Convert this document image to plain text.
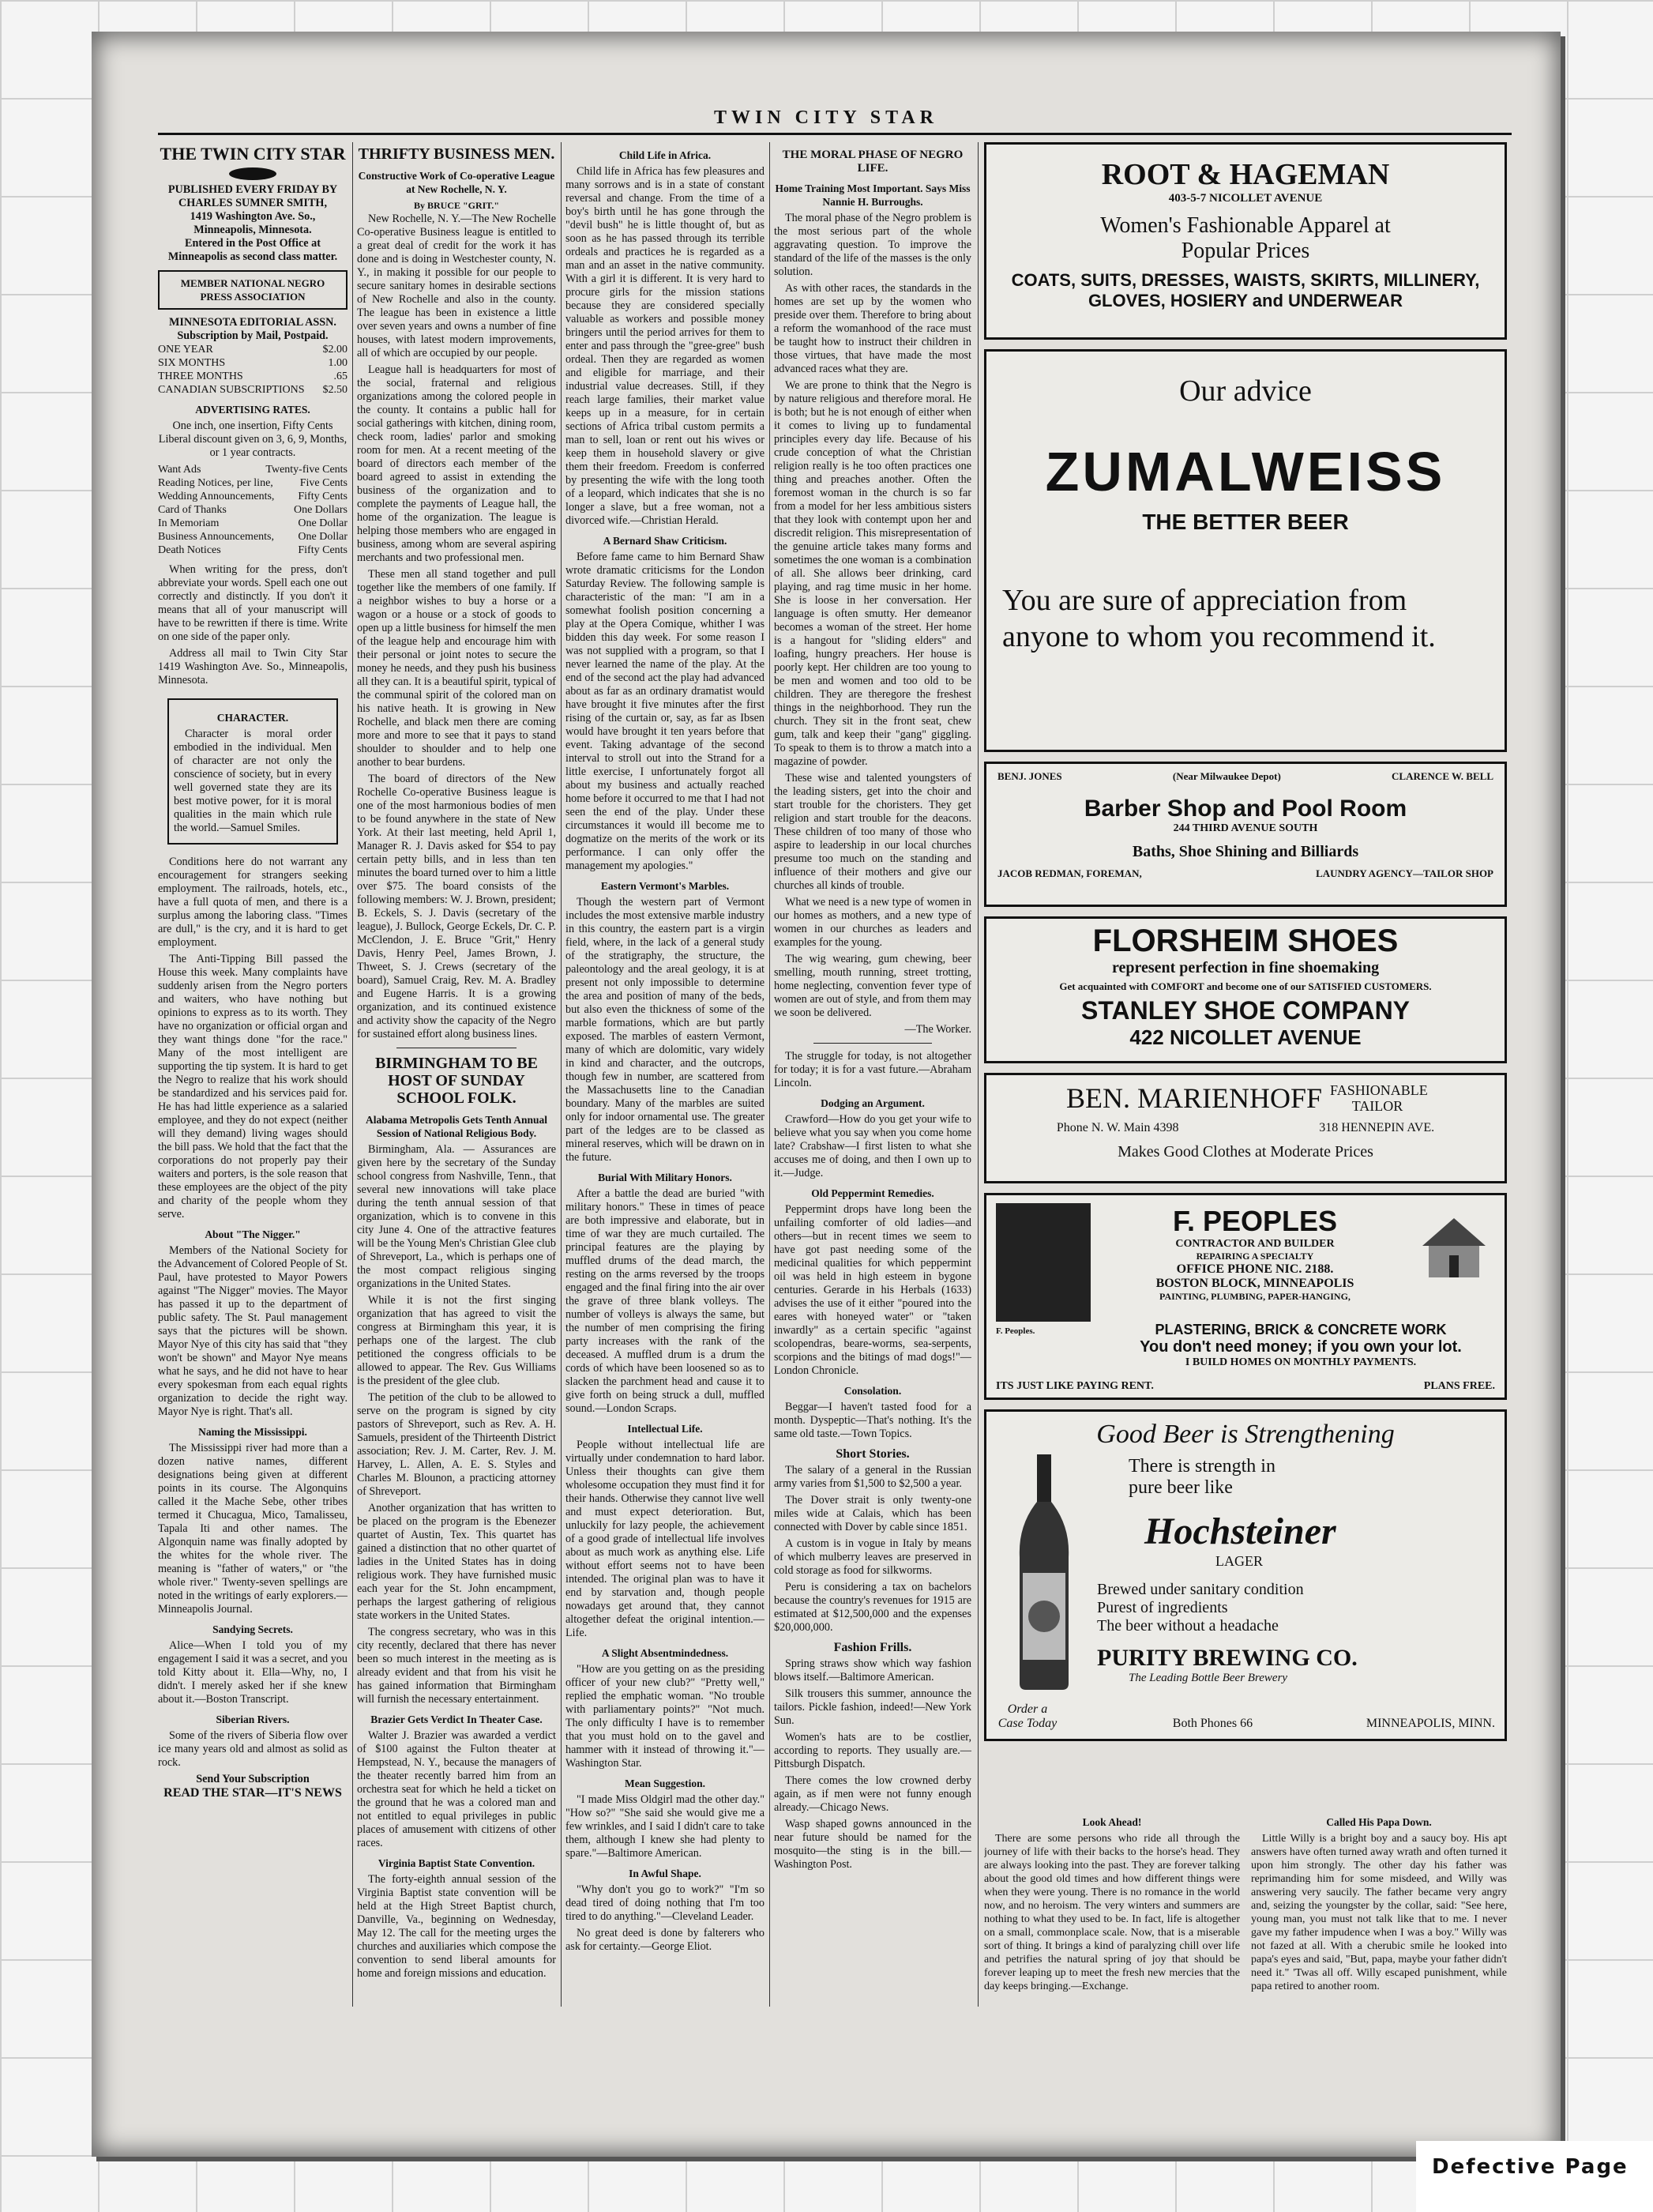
TWIN CITY STAR
THE TWIN CITY STAR
PUBLISHED EVERY FRIDAY BY
CHARLES SUMNER SMITH,
1419 Washington Ave. So., Minneapolis, Minnesota.
Entered in the Post Office at Minneapolis as second class matter.
MEMBER NATIONAL NEGRO PRESS ASSOCIATION
MINNESOTA EDITORIAL ASSN.
Subscription by Mail, Postpaid.
ONE YEAR	$2.00
SIX MONTHS	1.00
THREE MONTHS	.65
CANADIAN SUBSCRIPTIONS $2.50
ADVERTISING RATES.

One inch, one insertion, Fifty Cents Liberal discount given on 3, 6, 9, Months, or 1 year contracts.

Want Ads	Twenty-five Cents
Reading Notices, per line, Five Cents
Wedding Announcements, Fifty Cents
Card of Thanks	One Dollars
In Memoriam	One Dollar
Business Announcements, One Dollar
Death Notices	Fifty Cents

When writing for the press, don't abbreviate your words. Spell each one out correctly and distinctly. If you don't it means that all of your manuscript will have to be rewritten if there is time. Write on one side of the paper only.

Address all mail to Twin City Star 1419 Washington Ave. So., Minneapolis, Minnesota.

CHARACTER.

Character is moral order embodied in the individual. Men of character are not only the conscience of society, but in every well governed state they are its best motive power, for it is moral qualities in the main which rule the world.—Samuel Smiles.

Conditions here do not warrant any encouragement for strangers seeking employment. The railroads, hotels, etc., have a full quota of men, and there is a surplus among the laboring class. "Times are dull," is the cry, and it is hard to get employment.

The Anti-Tipping Bill passed the House this week. Many complaints have suddenly arisen from the Negro porters and waiters, who have nothing but opinions to express as to its worth. They have no organization or official organ and they want things done "for the race." Many of the most intelligent are supporting the tip system. It is hard to get the Negro to realize that his work should be standardized and his services paid for. He has had little experience as a salaried employee, and they do not expect (neither will they demand) living wages should the bill pass. We hold that the fact that the corporations do not properly pay their waiters and porters, is the sole reason that these employees are the object of the pity and charity of the people whom they serve.

About "The Nigger."

Members of the National Society for the Advancement of Colored People of St. Paul, have protested to Mayor Powers against "The Nigger" movies. The Mayor has passed it up to the department of public safety. The St. Paul management says that the pictures will be shown. Mayor Nye of this city has said that "they won't be shown" and Mayor Nye means what he says, and he did not have to hear every spokesman from each equal rights organization to decide the right way. Mayor Nye is right. That's all.

Naming the Mississippi.

The Mississippi river had more than a dozen native names, different designations being given at different points in its course. The Algonquins called it the Mache Sebe, other tribes termed it Chucagua, Mico, Tamalisseu, Tapala Iti and other names. The Algonquin name was finally adopted by the whites for the whole river. The meaning is "father of waters," or "the whole river." Twenty-seven spellings are noted in the writings of early explorers.—Minneapolis Journal.

Sandying Secrets.

Alice—When I told you of my engagement I said it was a secret, and you told Kitty about it. Ella—Why, no, I didn't. I merely asked her if she knew about it.—Boston Transcript.

Siberian Rivers.

Some of the rivers of Siberia flow over ice many years old and almost as solid as rock.

Send Your Subscription
READ THE STAR—IT'S NEWS
THRIFTY BUSINESS MEN.
Constructive Work of Co-operative League at New Rochelle, N. Y.
By BRUCE "GRIT."

New Rochelle, N. Y.—The New Rochelle Co-operative Business league is entitled to a great deal of credit for the work it has done and is doing in Westchester county, N. Y., in making it possible for our people to secure sanitary homes in desirable sections of New Rochelle and also in the county. The league has been in existence a little over seven years and owns a number of fine houses, with latest modern improvements, all of which are occupied by our people.

League hall is headquarters for most of the social, fraternal and religious organizations among the colored people in the county. It contains a public hall for social gatherings with kitchen, dining room, check room, ladies' parlor and smoking room for men. At a recent meeting of the board of directors each member of the board agreed to assist in extending the business of the organization and to complete the payments of League hall, the home of the organization. The league is helping those members who are engaged in business, among whom are several aspiring merchants and two professional men.

These men all stand together and pull together like the members of one family. If a neighbor wishes to buy a horse or a wagon or a house or a stock of goods to open up a little business for himself the men of the league help and encourage him with their personal or joint notes to secure the money he needs, and they push his business all they can. It is a beautiful spirit, typical of the communal spirit of the colored man on his native heath. It is growing in New Rochelle, and black men there are coming more and more to see that it pays to stand shoulder to shoulder and to help one another to bear burdens.

The board of directors of the New Rochelle Co-operative Business league is one of the most harmonious bodies of men to be found anywhere in the state of New York. At their last meeting, held April 1, Manager R. J. Davis asked for $54 to pay certain petty bills, and in less than ten minutes the board turned over to him a little over $75. The board consists of the following members: W. J. Brown, president; B. Eckels, S. J. Davis (secretary of the league), J. Bullock, George Eckels, Dr. C. P. McClendon, J. E. Bruce "Grit," Henry Davis, Henry Peel, James Brown, J. Thweet, S. J. Crews (secretary of the board), Samuel Craig, Rev. M. A. Bradley and Eugene Harris. It is a growing organization, and its continued existence and activity show the capacity of the Negro for sustained effort along business lines.

BIRMINGHAM TO BE HOST OF SUNDAY SCHOOL FOLK.
Alabama Metropolis Gets Tenth Annual Session of National Religious Body.

Birmingham, Ala. — Assurances are given here by the secretary of the Sunday school congress from Nashville, Tenn., that several new innovations will take place during the tenth annual session of that organization, which is to convene in this city June 4. One of the attractive features will be the Young Men's Christian Glee club of Shreveport, La., which is perhaps one of the most compact religious singing organizations in the United States.

While it is not the first singing organization that has agreed to visit the congress at Birmingham this year, it is perhaps one of the largest. The club petitioned the congress officials to be allowed to appear. The Rev. Gus Williams is the president of the glee club.

The petition of the club to be allowed to serve on the program is signed by city pastors of Shreveport, such as Rev. A. H. Samuels, president of the Thirteenth District association; Rev. J. M. Carter, Rev. J. M. Harvey, L. Allen, A. E. S. Styles and Charles M. Blounon, a practicing attorney of Shreveport.

Another organization that has written to be placed on the program is the Ebenezer quartet of Austin, Tex. This quartet has gained a distinction that no other quartet of ladies in the United States has in doing religious work. They have furnished music each year for the St. John encampment, perhaps the largest gathering of religious state workers in the United States.

The congress secretary, who was in this city recently, declared that there has never been so much interest in the meeting as is already evident and that from his visit he has gained information that Birmingham will furnish the necessary entertainment.

Brazier Gets Verdict In Theater Case.

Walter J. Brazier was awarded a verdict of $100 against the Fulton theater at Hempstead, N. Y., because the managers of the theater recently barred him from an orchestra seat for which he held a ticket on the ground that he was a colored man and not entitled to equal privileges in public places of amusement with citizens of other races.

Virginia Baptist State Convention.

The forty-eighth annual session of the Virginia Baptist state convention will be held at the High Street Baptist church, Danville, Va., beginning on Wednesday, May 12. The call for the meeting urges the churches and auxiliaries which compose the convention to send liberal amounts for home and foreign missions and education.

Child Life in Africa.

Child life in Africa has few pleasures and many sorrows and is in a state of constant reversal and change. From the time of a boy's birth until he has gone through the "devil bush" he is little thought of, but as soon as he has passed through its terrible ordeals and practices he is regarded as a man and an asset in the native community. With a girl it is different. It is very hard to procure girls for the mission stations because they are considered specially valuable as workers and possible money bringers until the period arrives for them to enter and pass through the "gree-gree" bush ordeal. Then they are regarded as women and eligible for marriage, and their industrial value decreases. Still, if they reach large families, their market value keeps up in a measure, for in certain sections of Africa tribal custom permits a man to sell, loan or rent out his wives or keep them in household slavery or give them their freedom. Freedom is conferred by presenting the wife with the long tooth of a leopard, which indicates that she is no longer a slave, but a free woman, not a divorced wife.—Christian Herald.

A Bernard Shaw Criticism.

Before fame came to him Bernard Shaw wrote dramatic criticisms for the London Saturday Review. The following sample is characteristic of the man: "I am in a somewhat foolish position concerning a play at the Opera Comique, whither I was bidden this day week. For some reason I was not supplied with a program, so that I never learned the name of the play. At the end of the second act the play had advanced about as far as an ordinary dramatist would have brought it five minutes after the first rising of the curtain or, say, as far as Ibsen would have brought it ten years before that event. Taking advantage of the second interval to stroll out into the Strand for a little exercise, I unfortunately forgot all about my business and actually reached home before it occurred to me that I had not seen the end of the play. Under these circumstances it would ill become me to dogmatize on the merits of the work or its performance. I can only offer the management my apologies."

Eastern Vermont's Marbles.

Though the western part of Vermont includes the most extensive marble industry in this country, the eastern part is a virgin field, where, in the lack of a general study of the stratigraphy, the structure, the paleontology and the areal geology, it is at present not only impossible to determine the area and position of many of the beds, but also even the thickness of some of the marble formations, which are but partly exposed. The marbles of eastern Vermont, many of which are dolomitic, vary widely in kind and character, and the outcrops, though few in number, are scattered from the Massachusetts line to the Canadian boundary. Many of the marbles are suited only for indoor ornamental use. The greater part of the ledges are to be classed as mineral reserves, which will be drawn on in the future.

Burial With Military Honors.

After a battle the dead are buried "with military honors." These in times of peace are both impressive and elaborate, but in time of war they are much curtailed. The principal features are the playing by muffled drums of the dead march, the resting on the arms reversed by the troops engaged and the final firing into the air over the grave of three blank volleys. The number of volleys is always the same, but the number of men comprising the firing party increases with the rank of the deceased. A muffled drum is a drum the cords of which have been loosened so as to slacken the parchment head and cause it to give forth on being struck a dull, muffled sound.—London Scraps.

Intellectual Life.

People without intellectual life are virtually under condemnation to hard labor. Unless their thoughts can give them wholesome occupation they must find it for their hands. Otherwise they cannot live well and must expect deterioration. But, unluckily for lazy people, the achievement of a good grade of intellectual life involves about as much work as anything else. Life without effort seems not to have been intended. The original plan was to have it end by starvation and, though people nowadays get around that, they cannot altogether defeat the original intention.—Life.

A Slight Absentmindedness.

"How are you getting on as the presiding officer of your new club?" "Pretty well," replied the emphatic woman. "No trouble with parliamentary points?" "Not much. The only difficulty I have is to remember that you must hold on to the gavel and hammer with it instead of throwing it."—Washington Star.

Mean Suggestion.

"I made Miss Oldgirl mad the other day." "How so?" "She said she would give me a few wrinkles, and I said I didn't care to take them, although I knew she had plenty to spare."—Baltimore American.

In Awful Shape.

"Why don't you go to work?" "I'm so dead tired of doing nothing that I'm too tired to do anything."—Cleveland Leader.

No great deed is done by falterers who ask for certainty.—George Eliot.

THE MORAL PHASE OF NEGRO LIFE.
Home Training Most Important. Says Miss Nannie H. Burroughs.

The moral phase of the Negro problem is the most serious part of the whole aggravating question. To improve the standard of the life of the masses is the only solution.

As with other races, the standards in the homes are set up by the women who preside over them. Therefore to bring about a reform the womanhood of the race must be taught how to instruct their children in those virtues, that have made the most advanced races what they are.

We are prone to think that the Negro is by nature religious and therefore moral. He is both; but he is not enough of either when it comes to living up to fundamental principles every day life. Because of his crude conception of what the Christian religion really is he too often practices one thing and preaches another. Often the foremost woman in the church is so far from a model for her less ambitious sisters that they look with contempt upon her and discredit religion. This misrepresentation of the genuine article takes many forms and sometimes the one woman is a combination of all. She allows beer drinking, card playing, and rag time music in her home. She is loose in her conversation. Her language is often smutty. Her demeanor becomes a woman of the street. Her home is a hangout for "sliding elders" and loafing, hungry preachers. Her house is poorly kept. Her children are too young to be men and women and too old to be children. They are theregore the freshest things in the neighborhood. They run the church. They sit in the front seat, chew gum, talk and keep their "gang" giggling. To speak to them is to throw a match into a magazine of powder.

These wise and talented youngsters of the leading sisters, get into the choir and start trouble for the choristers. They get religion and start trouble for the deacons. These children of too many of those who aspire to leadership in our local churches presume too much on the standing and influence of their mothers and give our churches all kinds of trouble.

What we need is a new type of women in our homes as mothers, and a new type of women in our churches as leaders and examples for the young.

The wig wearing, gum chewing, beer smelling, mouth running, street trotting, home neglecting, convention fever type of women are out of style, and from them may we soon be delivered.

—The Worker.

The struggle for today, is not altogether for today; it is for a vast future.—Abraham Lincoln.

Dodging an Argument.

Crawford—How do you get your wife to believe what you say when you come home late? Crabshaw—I first listen to what she accuses me of doing, and then I own up to it.—Judge.

Old Peppermint Remedies.

Peppermint drops have long been the unfailing comforter of old ladies—and others—but in recent times we seem to have got past needing some of the medicinal qualities for which peppermint oil was held in high esteem in bygone centuries. Gerarde in his Herbals (1633) advises the use of it either "poured into the eares with honeyed water" or "taken inwardly" as a certain specific "against scolopendras, beare-worms, sea-serpents, scorpions and the bitings of mad dogs!"—London Chronicle.

Consolation.

Beggar—I haven't tasted food for a month. Dyspeptic—That's nothing. It's the same old taste.—Town Topics.

Short Stories.

The salary of a general in the Russian army varies from $1,500 to $2,500 a year.

The Dover strait is only twenty-one miles wide at Calais, which has been connected with Dover by cable since 1851.

A custom is in vogue in Italy by means of which mulberry leaves are preserved in cold storage as food for silkworms.

Peru is considering a tax on bachelors because the country's revenues for 1915 are estimated at $12,500,000 and the expenses $20,000,000.

Fashion Frills.

Spring straws show which way fashion blows itself.—Baltimore American.

Silk trousers this summer, announce the tailors. Pickle fashion, indeed!—New York Sun.

Women's hats are to be costlier, according to reports. They usually are.—Pittsburgh Dispatch.

There comes the low crowned derby again, as if men were not funny enough already.—Chicago News.

Wasp shaped gowns announced in the near future should be named for the mosquito—the sting is in the bill.—Washington Post.

ROOT & HAGEMAN
403-5-7 NICOLLET AVENUE
Women's Fashionable Apparel at
Popular Prices
COATS, SUITS, DRESSES, WAISTS, SKIRTS, MILLINERY, GLOVES, HOSIERY and UNDERWEAR
Our advice
ZUMALWEISS
THE BETTER BEER
You are sure of appreciation from anyone to whom you recommend it.
BENJ. JONES	(Near Milwaukee Depot)	CLARENCE W. BELL
Barber Shop and Pool Room
244 THIRD AVENUE SOUTH
Baths, Shoe Shining and Billiards
JACOB REDMAN, FOREMAN,	LAUNDRY AGENCY—TAILOR SHOP
FLORSHEIM SHOES
represent perfection in fine shoemaking
Get acquainted with COMFORT and become one of our SATISFIED CUSTOMERS.
STANLEY SHOE COMPANY
422 NICOLLET AVENUE
BEN. MARIENHOFF FASHIONABLE TAILOR
Phone N. W. Main 4398	318 HENNEPIN AVE.
Makes Good Clothes at Moderate Prices
F. Peoples.
F. PEOPLES
CONTRACTOR AND BUILDER
REPAIRING A SPECIALTY
OFFICE PHONE NIC. 2188.
BOSTON BLOCK, MINNEAPOLIS
PAINTING, PLUMBING, PAPER-HANGING,
PLASTERING, BRICK & CONCRETE WORK
You don't need money; if you own your lot.
I BUILD HOMES ON MONTHLY PAYMENTS.
ITS JUST LIKE PAYING RENT.	PLANS FREE.
Good Beer is Strengthening
There is strength in
pure beer like
Hochsteiner
LAGER
Brewed under sanitary condition
Purest of ingredients
The beer without a headache
PURITY BREWING CO.
The Leading Bottle Beer Brewery
Order a Case Today	Both Phones 66	MINNEAPOLIS, MINN.
Look Ahead!

There are some persons who ride all through the journey of life with their backs to the horse's head. They are always looking into the past. They are forever talking about the good old times and how different things were when they were young. There is no romance in the world now, and no heroism. The very winters and summers are nothing to what they used to be. In fact, life is altogether on a small, commonplace scale. Now, that is a miserable sort of thing. It brings a kind of paralyzing chill over life and petrifies the natural spring of joy that should be forever leaping up to meet the fresh new mercies that the day keeps bringing.—Exchange.

Called His Papa Down.

Little Willy is a bright boy and a saucy boy. His apt answers have often turned away wrath and often turned it upon him strongly. The other day his father was reprimanding him for some misdeed, and Willy was answering very saucily. The father became very angry and, seizing the youngster by the collar, said: "See here, young man, you must not talk like that to me. I never gave my father impudence when I was a boy." Willy was not fazed at all. With a cherubic smile he looked into papa's eyes and said, "But, papa, maybe your father didn't need it." 'Twas all off. Willy escaped punishment, while papa retired to another room.

Defective Page
